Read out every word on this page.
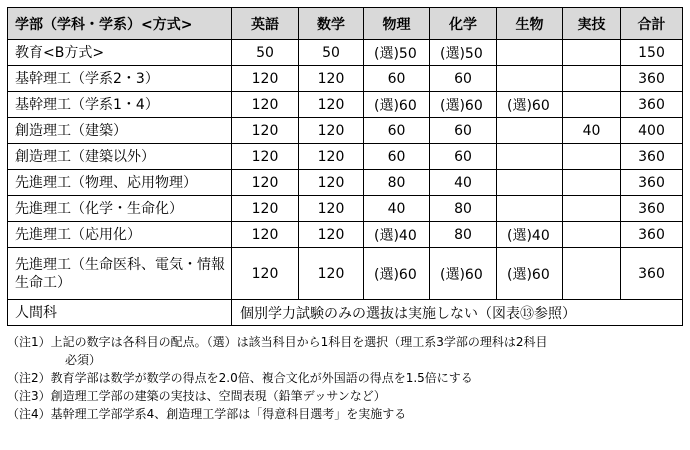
学部（学科・学系）<方式>	英語	数学	物理	化学	生物	実技	合計
教育<B方式>	50	50	(選)50	(選)50			150
基幹理工（学系2・3）	120	120	60	60			360
基幹理工（学系1・4）	120	120	(選)60	(選)60	(選)60		360
創造理工（建築）	120	120	60	60		40	400
創造理工（建築以外）	120	120	60	60			360
先進理工（物理、応用物理）	120	120	80	40			360
先進理工（化学・生命化）	120	120	40	80			360
先進理工（応用化）	120	120	(選)40	80	(選)40		360
先進理工（生命医科、電気・情報生命工）	120	120	(選)60	(選)60	(選)60		360
人間科	個別学力試験のみの選抜は実施しない（図表⑬参照）						
（注1）上記の数字は各科目の配点。（選）は該当科目から1科目を選択（理工系3学部の理科は2科目
必須）
（注2）教育学部は数学が数学の得点を2.0倍、複合文化が外国語の得点を1.5倍にする
（注3）創造理工学部の建築の実技は、空間表現（鉛筆デッサンなど）
（注4）基幹理工学部学系4、創造理工学部は「得意科目選考」を実施する
